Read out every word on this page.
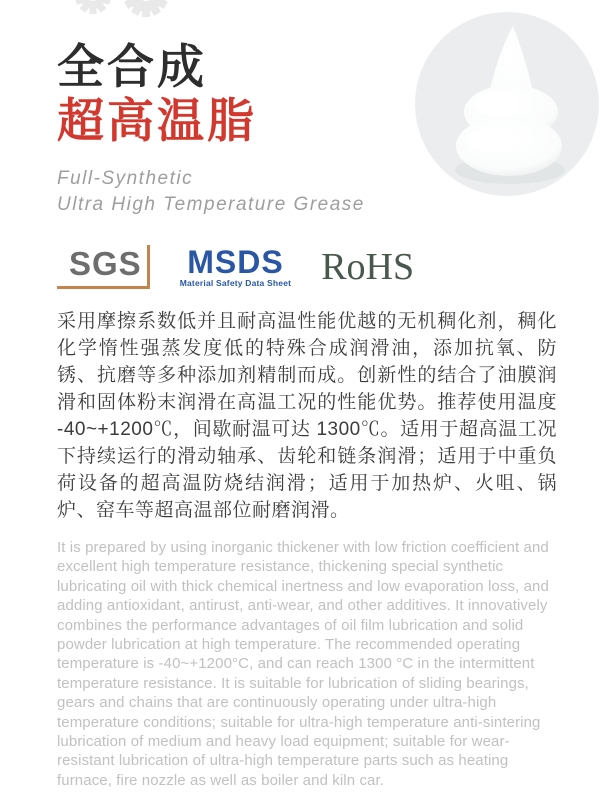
全合成
超高温脂
Full-Synthetic
Ultra High Temperature Grease
SGS MSDS
Material Safety Data Sheet RoHS
采用摩擦系数低并且耐高温性能优越的无机稠化剂，稠化化学惰性强蒸发度低的特殊合成润滑油，添加抗氧、防锈、抗磨等多种添加剂精制而成。创新性的结合了油膜润滑和固体粉末润滑在高温工况的性能优势。推荐使用温度 -40~+1200℃，间歇耐温可达 1300℃。适用于超高温工况下持续运行的滑动轴承、齿轮和链条润滑；适用于中重负荷设备的超高温防烧结润滑；适用于加热炉、火咀、锅炉、窑车等超高温部位耐磨润滑。
It is prepared by using inorganic thickener with low friction coefficient and excellent high temperature resistance, thickening special synthetic lubricating oil with thick chemical inertness and low evaporation loss, and adding antioxidant, antirust, anti-wear, and other additives. It innovatively combines the performance advantages of oil film lubrication and solid powder lubrication at high temperature. The recommended operating temperature is -40~+1200°C, and can reach 1300 °C in the intermittent temperature resistance. It is suitable for lubrication of sliding bearings, gears and chains that are continuously operating under ultra-high temperature conditions; suitable for ultra-high temperature anti-sintering lubrication of medium and heavy load equipment; suitable for wear-resistant lubrication of ultra-high temperature parts such as heating furnace, fire nozzle as well as boiler and kiln car.
